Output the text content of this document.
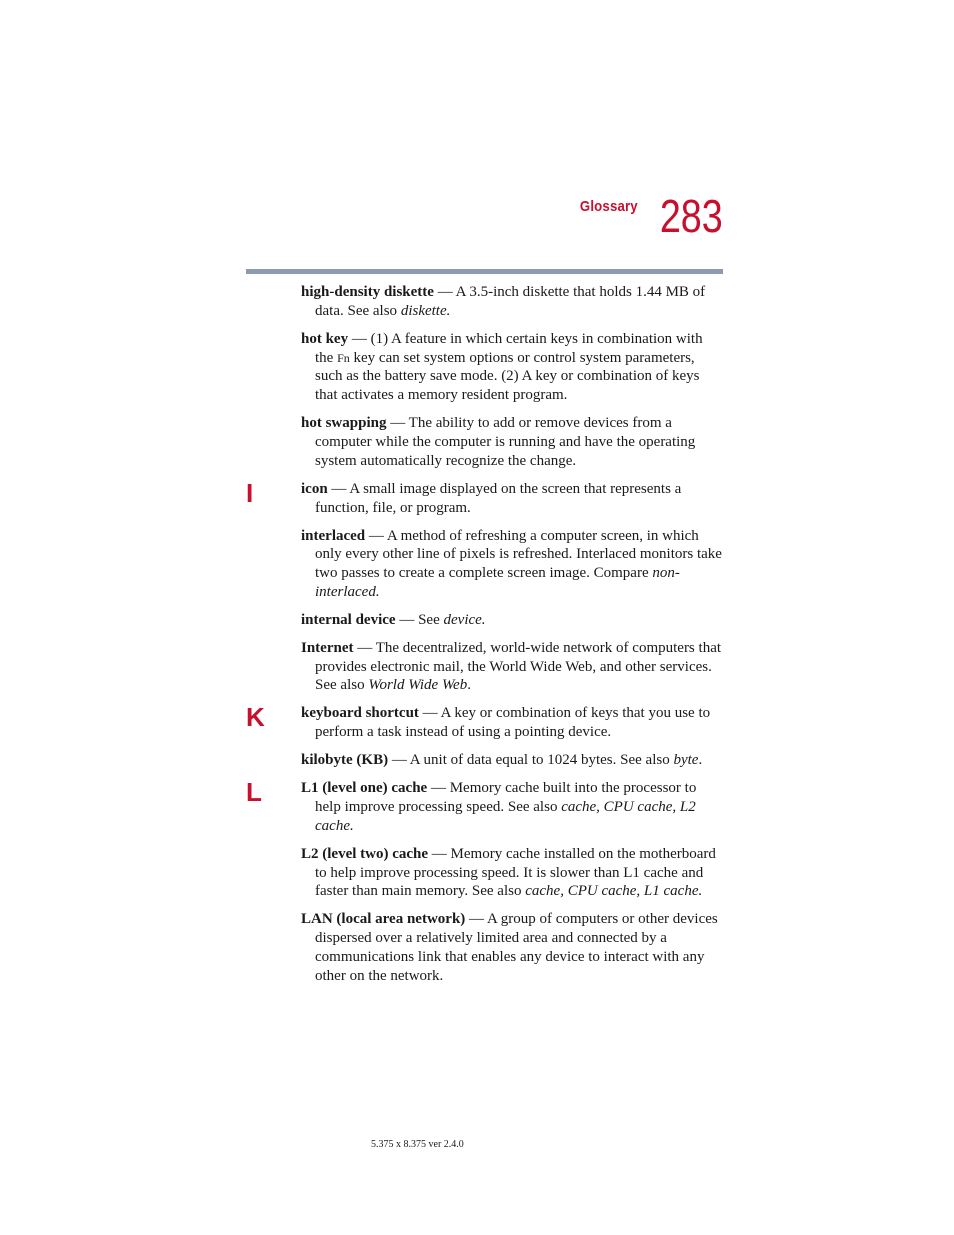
Glossary 283
I
K
L

high-density diskette — A 3.5-inch diskette that holds 1.44 MB of data. See also diskette.

hot key — (1) A feature in which certain keys in combination with the Fn key can set system options or control system parameters, such as the battery save mode. (2) A key or combination of keys that activates a memory resident program.

hot swapping — The ability to add or remove devices from a computer while the computer is running and have the operating system automatically recognize the change.

icon — A small image displayed on the screen that represents a function, file, or program.

interlaced — A method of refreshing a computer screen, in which only every other line of pixels is refreshed. Interlaced monitors take two passes to create a complete screen image. Compare non-interlaced.

internal device — See device.

Internet — The decentralized, world-wide network of computers that provides electronic mail, the World Wide Web, and other services. See also World Wide Web.

keyboard shortcut — A key or combination of keys that you use to perform a task instead of using a pointing device.

kilobyte (KB) — A unit of data equal to 1024 bytes. See also byte.

L1 (level one) cache — Memory cache built into the processor to help improve processing speed. See also cache, CPU cache, L2 cache.

L2 (level two) cache — Memory cache installed on the motherboard to help improve processing speed. It is slower than L1 cache and faster than main memory. See also cache, CPU cache, L1 cache.

LAN (local area network) — A group of computers or other devices dispersed over a relatively limited area and connected by a communications link that enables any device to interact with any other on the network.

5.375 x 8.375 ver 2.4.0
